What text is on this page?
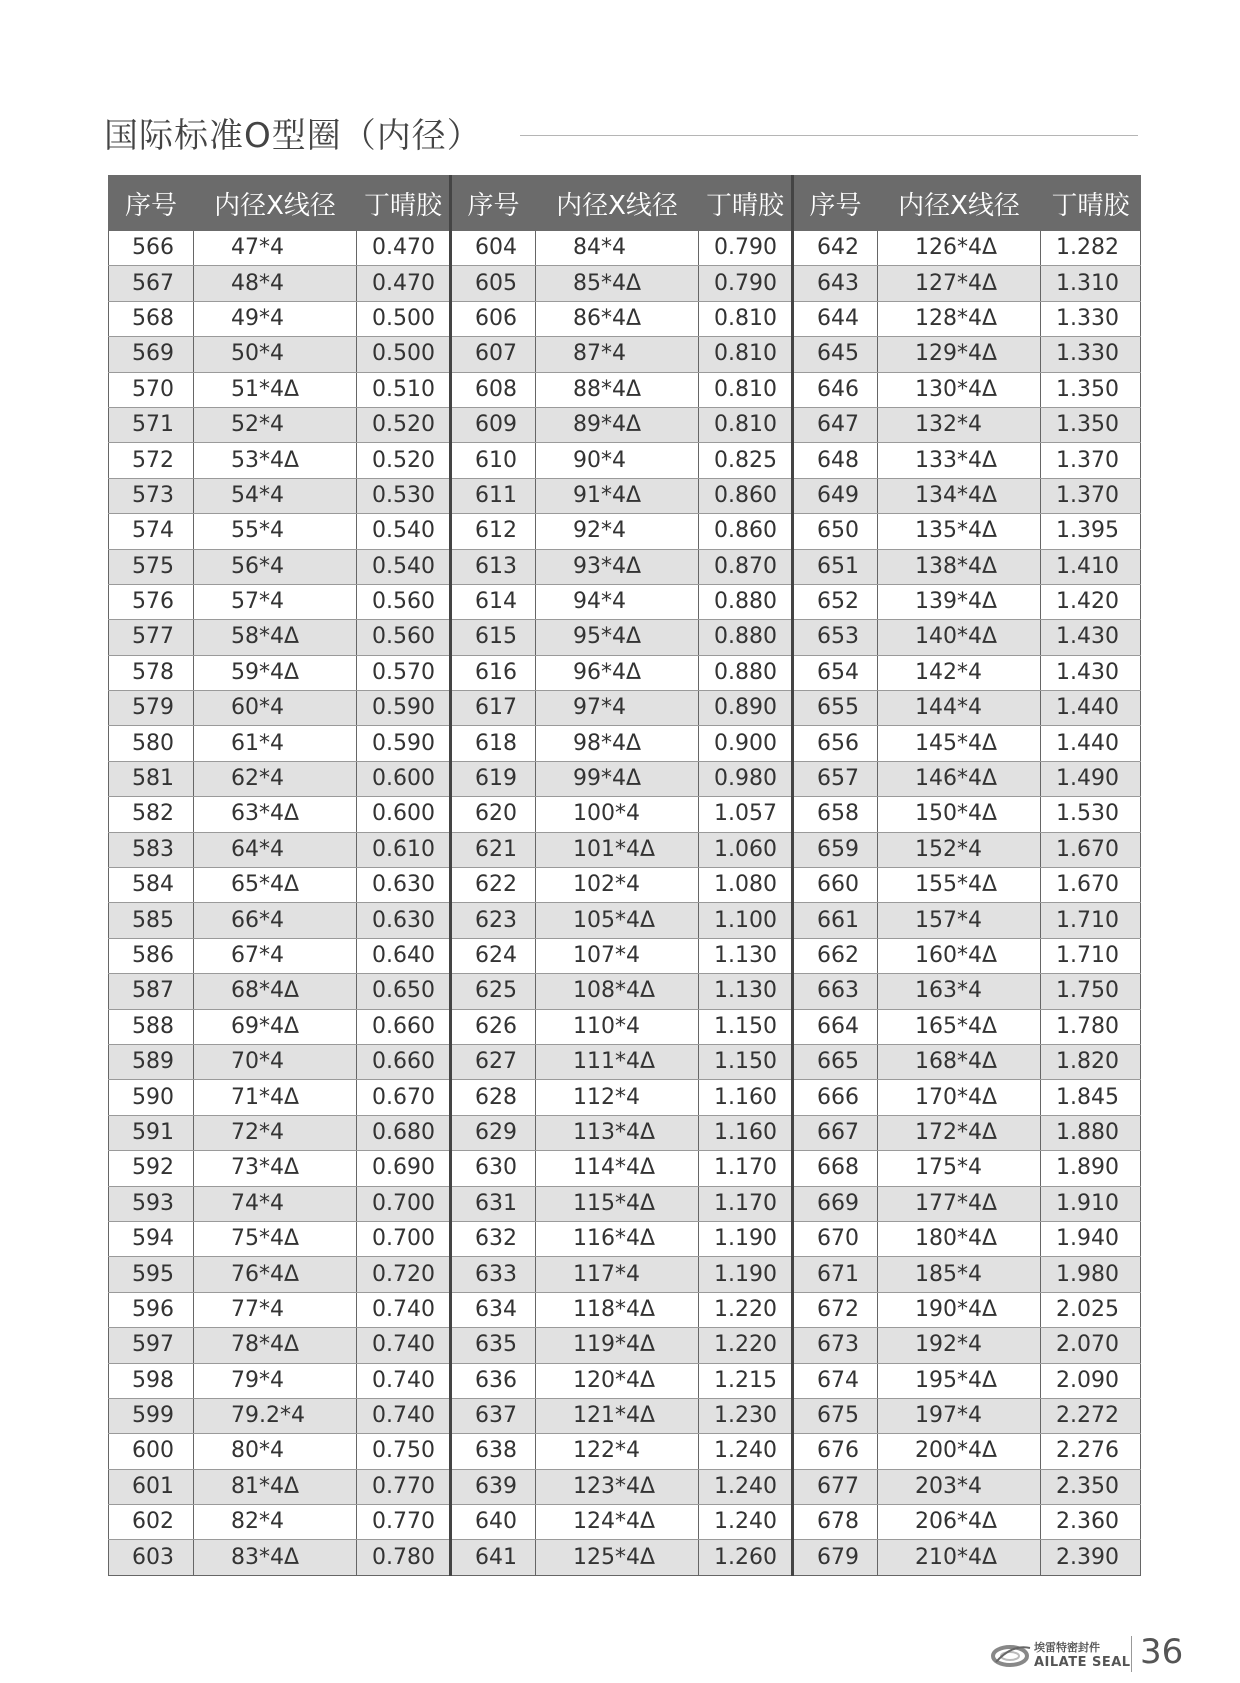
国际标准O型圈（内径）
序号	内径X线径	丁晴胶	序号	内径X线径	丁晴胶	序号	内径X线径	丁晴胶
566	47*4	0.470	604	84*4	0.790	642	126*4Δ	1.282
567	48*4	0.470	605	85*4Δ	0.790	643	127*4Δ	1.310
568	49*4	0.500	606	86*4Δ	0.810	644	128*4Δ	1.330
569	50*4	0.500	607	87*4	0.810	645	129*4Δ	1.330
570	51*4Δ	0.510	608	88*4Δ	0.810	646	130*4Δ	1.350
571	52*4	0.520	609	89*4Δ	0.810	647	132*4	1.350
572	53*4Δ	0.520	610	90*4	0.825	648	133*4Δ	1.370
573	54*4	0.530	611	91*4Δ	0.860	649	134*4Δ	1.370
574	55*4	0.540	612	92*4	0.860	650	135*4Δ	1.395
575	56*4	0.540	613	93*4Δ	0.870	651	138*4Δ	1.410
576	57*4	0.560	614	94*4	0.880	652	139*4Δ	1.420
577	58*4Δ	0.560	615	95*4Δ	0.880	653	140*4Δ	1.430
578	59*4Δ	0.570	616	96*4Δ	0.880	654	142*4	1.430
579	60*4	0.590	617	97*4	0.890	655	144*4	1.440
580	61*4	0.590	618	98*4Δ	0.900	656	145*4Δ	1.440
581	62*4	0.600	619	99*4Δ	0.980	657	146*4Δ	1.490
582	63*4Δ	0.600	620	100*4	1.057	658	150*4Δ	1.530
583	64*4	0.610	621	101*4Δ	1.060	659	152*4	1.670
584	65*4Δ	0.630	622	102*4	1.080	660	155*4Δ	1.670
585	66*4	0.630	623	105*4Δ	1.100	661	157*4	1.710
586	67*4	0.640	624	107*4	1.130	662	160*4Δ	1.710
587	68*4Δ	0.650	625	108*4Δ	1.130	663	163*4	1.750
588	69*4Δ	0.660	626	110*4	1.150	664	165*4Δ	1.780
589	70*4	0.660	627	111*4Δ	1.150	665	168*4Δ	1.820
590	71*4Δ	0.670	628	112*4	1.160	666	170*4Δ	1.845
591	72*4	0.680	629	113*4Δ	1.160	667	172*4Δ	1.880
592	73*4Δ	0.690	630	114*4Δ	1.170	668	175*4	1.890
593	74*4	0.700	631	115*4Δ	1.170	669	177*4Δ	1.910
594	75*4Δ	0.700	632	116*4Δ	1.190	670	180*4Δ	1.940
595	76*4Δ	0.720	633	117*4	1.190	671	185*4	1.980
596	77*4	0.740	634	118*4Δ	1.220	672	190*4Δ	2.025
597	78*4Δ	0.740	635	119*4Δ	1.220	673	192*4	2.070
598	79*4	0.740	636	120*4Δ	1.215	674	195*4Δ	2.090
599	79.2*4	0.740	637	121*4Δ	1.230	675	197*4	2.272
600	80*4	0.750	638	122*4	1.240	676	200*4Δ	2.276
601	81*4Δ	0.770	639	123*4Δ	1.240	677	203*4	2.350
602	82*4	0.770	640	124*4Δ	1.240	678	206*4Δ	2.360
603	83*4Δ	0.780	641	125*4Δ	1.260	679	210*4Δ	2.390
埃雷特密封件
AILATE SEAL 36
